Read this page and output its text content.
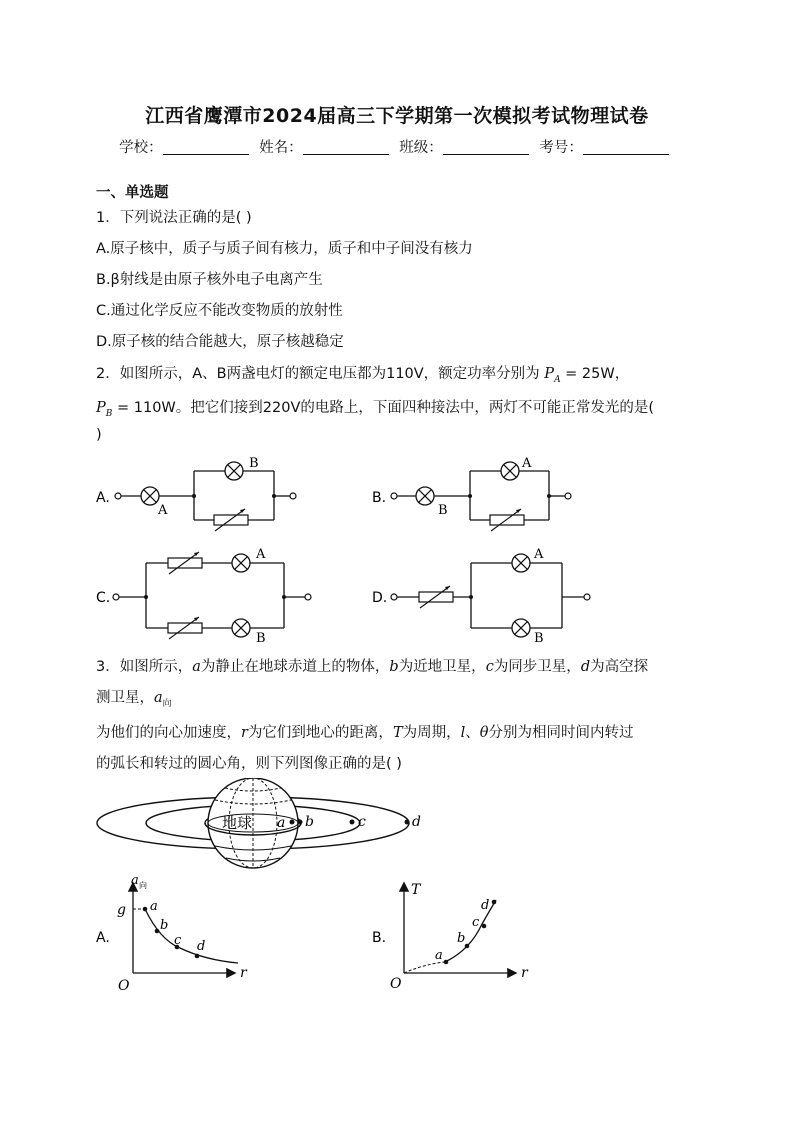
江西省鹰潭市2024届高三下学期第一次模拟考试物理试卷
学校：	姓名：	班级：	考号：
一、单选题
1．下列说法正确的是( )
A.原子核中，质子与质子间有核力，质子和中子间没有核力
B.β射线是由原子核外电子电离产生
C.通过化学反应不能改变物质的放射性
D.原子核的结合能越大，原子核越稳定
2．如图所示，A、B两盏电灯的额定电压都为110V，额定功率分别为 $P_A = 25W$，
$P_B = 110W$。把它们接到220V的电路上，下面四种接法中，两灯不可能正常发光的是(
)
A.
A
B
B.
B
A
C.
A
B
D.
A
B
3．如图所示，a为静止在地球赤道上的物体，b为近地卫星，c为同步卫星，d为高空探
测卫星，$a_向$
为他们的向心加速度，r为它们到地心的距离，T为周期，l、θ分别为相同时间内转过
的弧长和转过的圆心角，则下列图像正确的是( )
地球 a b	c	d
A.
a 向
r
O
g a
b
c d
B.
T
r
O
a
b
c
d
